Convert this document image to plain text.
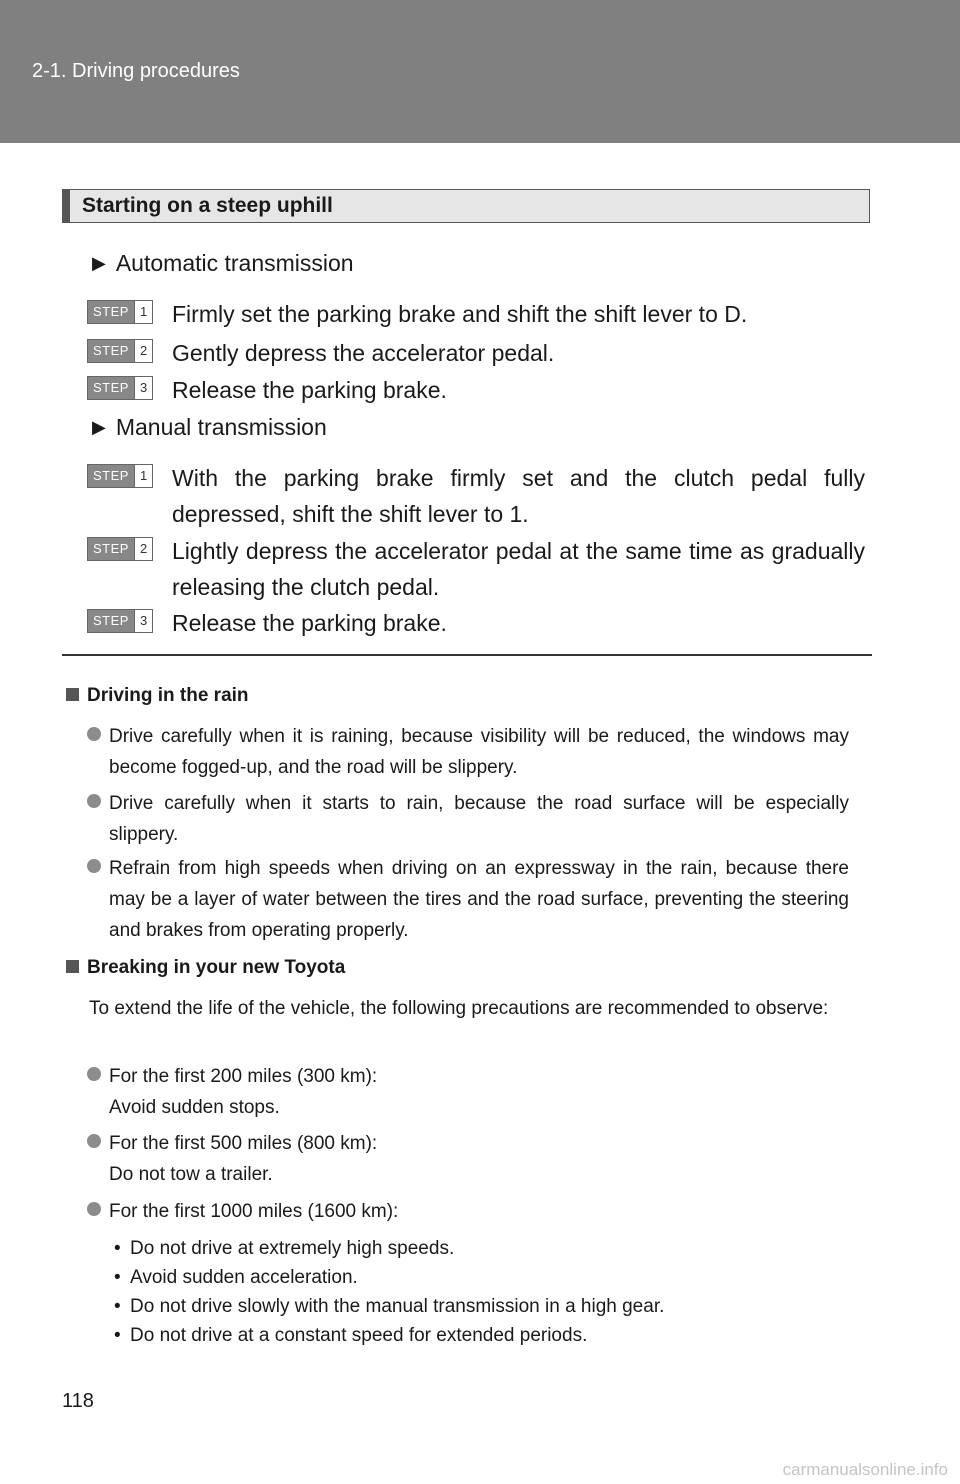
2-1. Driving procedures
Starting on a steep uphill
▶ Automatic transmission
STEP 1 Firmly set the parking brake and shift the shift lever to D.
STEP 2 Gently depress the accelerator pedal.
STEP 3 Release the parking brake.
▶ Manual transmission
STEP 1 With the parking brake firmly set and the clutch pedal fully depressed, shift the shift lever to 1.
STEP 2 Lightly depress the accelerator pedal at the same time as gradually releasing the clutch pedal.
STEP 3 Release the parking brake.
Driving in the rain
Drive carefully when it is raining, because visibility will be reduced, the windows may become fogged-up, and the road will be slippery.
Drive carefully when it starts to rain, because the road surface will be especially slippery.
Refrain from high speeds when driving on an expressway in the rain, because there may be a layer of water between the tires and the road surface, preventing the steering and brakes from operating properly.
Breaking in your new Toyota
To extend the life of the vehicle, the following precautions are recommended to observe:
For the first 200 miles (300 km):
Avoid sudden stops.
For the first 500 miles (800 km):
Do not tow a trailer.
For the first 1000 miles (1600 km):
• Do not drive at extremely high speeds.
• Avoid sudden acceleration.
• Do not drive slowly with the manual transmission in a high gear.
• Do not drive at a constant speed for extended periods.
118
carmanualsonline.info
